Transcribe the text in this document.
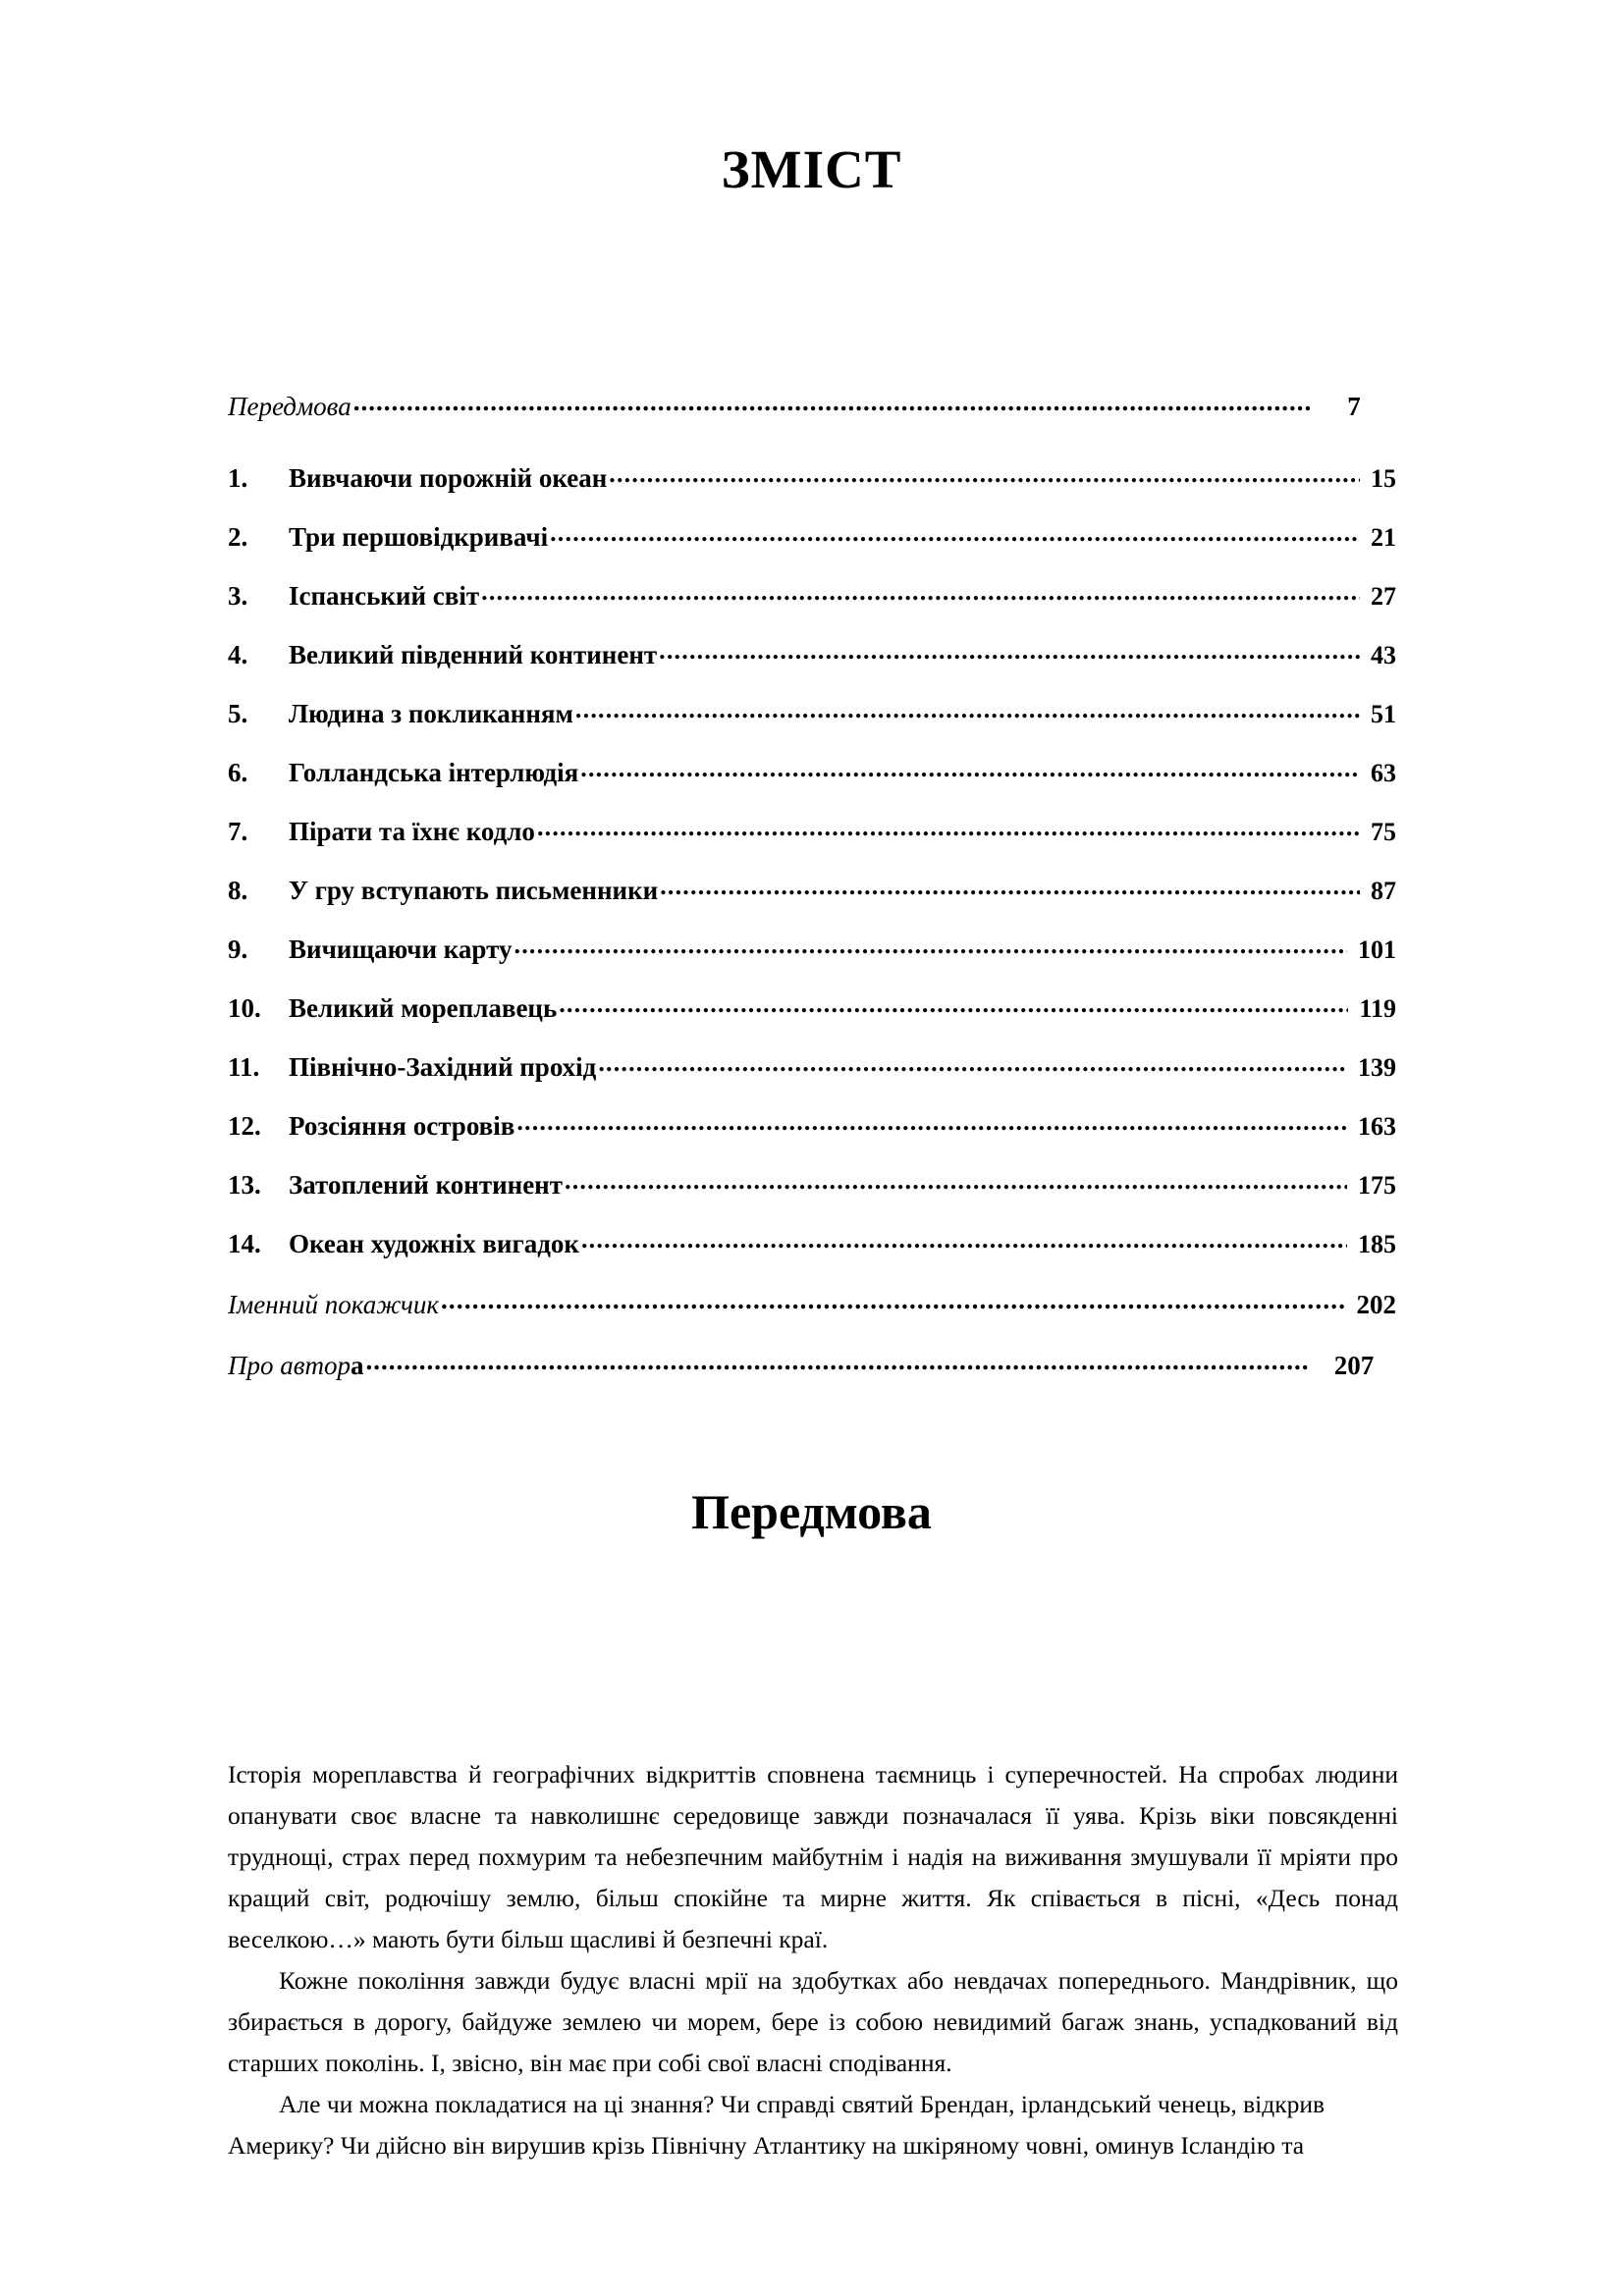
ЗМІСТ
Передмова .....	7
1.	Вивчаючи порожній океан .....	15
2.	Три першовідкривачі .....	21
3.	Іспанський світ .....	27
4.	Великий південний континент .....	43
5.	Людина з покликанням .....	51
6.	Голландська інтерлюдія .....	63
7.	Пірати та їхнє кодло .....	75
8.	У гру вступають письменники .....	87
9.	Вичищаючи карту .....	101
10.	Великий мореплавець .....	119
11.	Північно-Західний прохід .....	139
12.	Розсіяння островів .....	163
13.	Затоплений континент .....	175
14.	Океан художніх вигадок .....	185
Іменний покажчик .....	202
Про автор а .....	207
Передмова

Історія мореплавства й географічних відкриттів сповнена таємниць і суперечностей. На спробах людини опанувати своє власне та навколишнє середовище завжди позначалася її уява. Крізь віки повсякденні труднощі, страх перед похмурим та небезпечним майбутнім і надія на виживання змушували її мріяти про кращий світ, родючішу землю, більш спокійне та мирне життя. Як співається в пісні, «Десь понад веселкою…» мають бути більш щасливі й безпечні краї.

Кожне покоління завжди будує власні мрії на здобутках або невдачах попереднього. Мандрівник, що збирається в дорогу, байдуже землею чи морем, бере із собою невидимий багаж знань, успадкований від старших поколінь. І, звісно, він має при собі свої власні сподівання.

Але чи можна покладатися на ці знання? Чи справді святий Брендан, ірландський ченець, відкрив Америку? Чи дійсно він вирушив крізь Північну Атлантику на шкіряному човні, оминув Ісландію та
